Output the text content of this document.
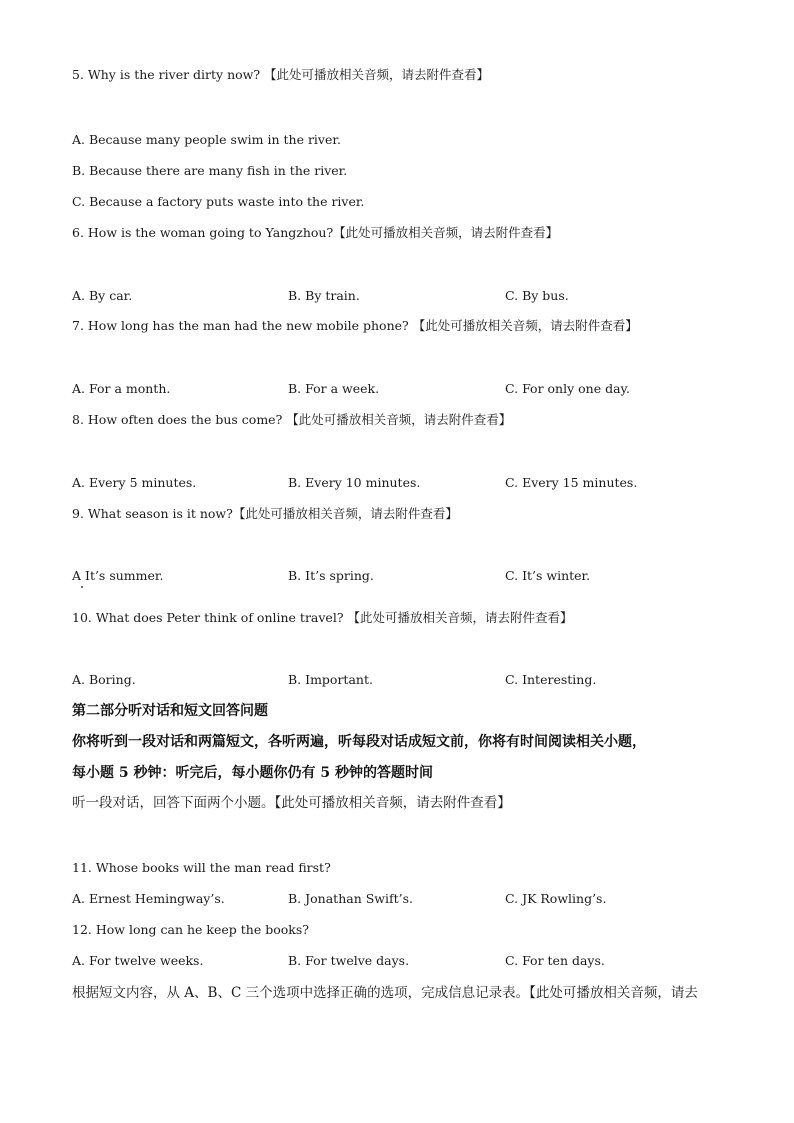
5. Why is the river dirty now? 【此处可播放相关音频，请去附件查看】
A. Because many people swim in the river.
B. Because there are many fish in the river.
C. Because a factory puts waste into the river.
6. How is the woman going to Yangzhou?【此处可播放相关音频，请去附件查看】
A. By car.	B. By train.	C. By bus.
7. How long has the man had the new mobile phone? 【此处可播放相关音频，请去附件查看】
A. For a month.	B. For a week.	C. For only one day.
8. How often does the bus come? 【此处可播放相关音频，请去附件查看】
A. Every 5 minutes.	B. Every 10 minutes.	C. Every 15 minutes.
9. What season is it now?【此处可播放相关音频，请去附件查看】
A It’s summer.	B. It’s spring.	C. It’s winter.
10. What does Peter think of online travel? 【此处可播放相关音频，请去附件查看】
A. Boring.	B. Important.	C. Interesting.
第二部分听对话和短文回答问题
你将听到一段对话和两篇短文，各听两遍，听每段对话成短文前，你将有时间阅读相关小题，
每小题 5 秒钟：听完后，每小题你仍有 5 秒钟的答题时间
听一段对话，回答下面两个小题。【此处可播放相关音频，请去附件查看】
11. Whose books will the man read first?
A. Ernest Hemingway’s.	B. Jonathan Swift’s.	C. JK Rowling’s.
12. How long can he keep the books?
A. For twelve weeks.	B. For twelve days.	C. For ten days.
根据短文内容，从 A、B、C 三个选项中选择正确的选项，完成信息记录表。【此处可播放相关音频，请去
